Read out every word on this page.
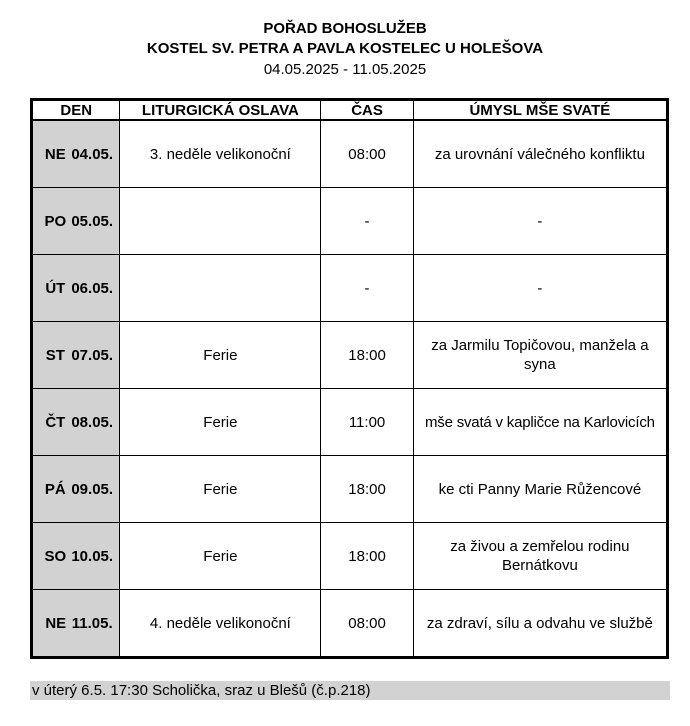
POŘAD BOHOSLUŽEB
KOSTEL SV. PETRA A PAVLA KOSTELEC U HOLEŠOVA
04.05.2025 - 11.05.2025
DEN	LITURGICKÁ OSLAVA	ČAS	ÚMYSL MŠE SVATÉ
NE 04.05.	3. neděle velikonoční	08:00	za urovnání válečného konfliktu
PO 05.05.		-	-
ÚT 06.05.		-	-
ST 07.05.	Ferie	18:00	za Jarmilu Topičovou, manžela a syna
ČT 08.05.	Ferie	11:00	mše svatá v kapličce na Karlovicích
PÁ 09.05.	Ferie	18:00	ke cti Panny Marie Růžencové
SO 10.05.	Ferie	18:00	za živou a zemřelou rodinu Bernátkovu
NE 11.05.	4. neděle velikonoční	08:00	za zdraví, sílu a odvahu ve službě
v úterý 6.5. 17:30 Scholička, sraz u Blešů (č.p.218)
